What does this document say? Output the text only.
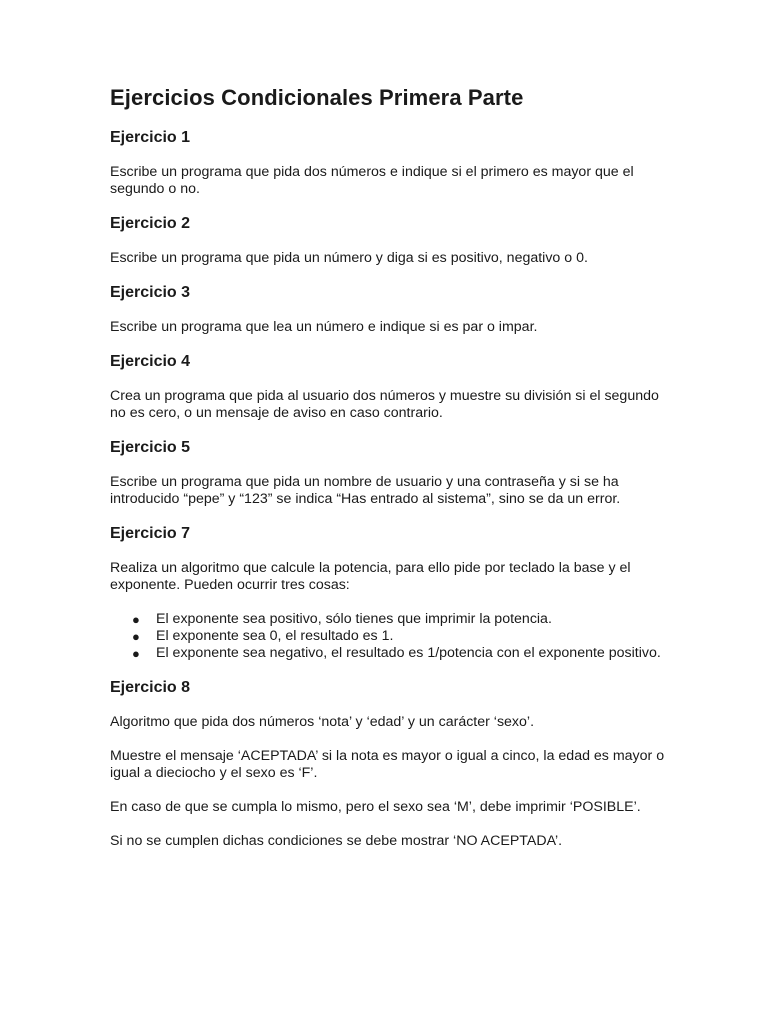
Ejercicios Condicionales Primera Parte
Ejercicio 1

Escribe un programa que pida dos números e indique si el primero es mayor que el segundo o no.

Ejercicio 2

Escribe un programa que pida un número y diga si es positivo, negativo o 0.

Ejercicio 3

Escribe un programa que lea un número e indique si es par o impar.

Ejercicio 4

Crea un programa que pida al usuario dos números y muestre su división si el segundo no es cero, o un mensaje de aviso en caso contrario.

Ejercicio 5

Escribe un programa que pida un nombre de usuario y una contraseña y si se ha introducido “pepe” y “123” se indica “Has entrado al sistema”, sino se da un error.

Ejercicio 7

Realiza un algoritmo que calcule la potencia, para ello pide por teclado la base y el exponente. Pueden ocurrir tres cosas:

● El exponente sea positivo, sólo tienes que imprimir la potencia.
● El exponente sea 0, el resultado es 1.
● El exponente sea negativo, el resultado es 1/potencia con el exponente positivo.
Ejercicio 8

Algoritmo que pida dos números ‘nota’ y ‘edad’ y un carácter ‘sexo’.

Muestre el mensaje ‘ACEPTADA’ si la nota es mayor o igual a cinco, la edad es mayor o igual a dieciocho y el sexo es ‘F’.

En caso de que se cumpla lo mismo, pero el sexo sea ‘M’, debe imprimir ‘POSIBLE’.

Si no se cumplen dichas condiciones se debe mostrar ‘NO ACEPTADA’.
